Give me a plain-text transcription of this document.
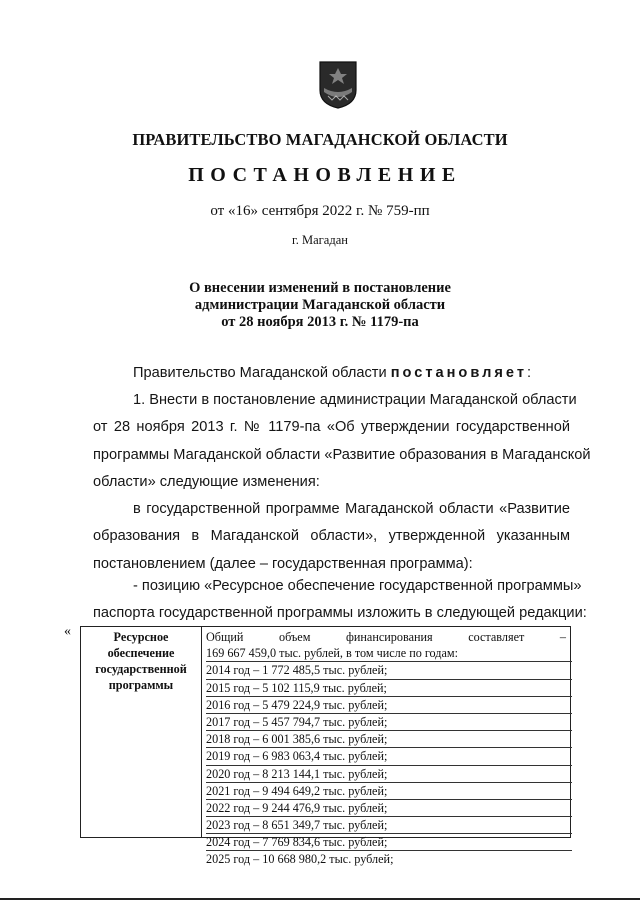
ПРАВИТЕЛЬСТВО МАГАДАНСКОЙ ОБЛАСТИ
ПОСТАНОВЛЕНИЕ
от «16» сентября 2022 г. № 759-пп
г. Магадан
О внесении изменений в постановление
администрации Магаданской области
от 28 ноября 2013 г. № 1179-па
Правительство Магаданской области постановляет:
1. Внести в постановление администрации Магаданской области
от 28 ноября 2013 г. № 1179-па «Об утверждении государственной
программы Магаданской области «Развитие образования в Магаданской
области» следующие изменения:
в государственной программе Магаданской области «Развитие
образования в Магаданской области», утвержденной указанным
постановлением (далее – государственная программа):
- позицию «Ресурсное обеспечение государственной программы»
паспорта государственной программы изложить в следующей редакции:
«	Ресурсное
обеспечение
государственной
программы
Общий	объем	финансирования	составляет	–
169 667 459,0 тыс. рублей, в том числе по годам:
2014 год – 1 772 485,5 тыс. рублей;
2015 год – 5 102 115,9 тыс. рублей;
2016 год – 5 479 224,9 тыс. рублей;
2017 год – 5 457 794,7 тыс. рублей;
2018 год – 6 001 385,6 тыс. рублей;
2019 год – 6 983 063,4 тыс. рублей;
2020 год – 8 213 144,1 тыс. рублей;
2021 год – 9 494 649,2 тыс. рублей;
2022 год – 9 244 476,9 тыс. рублей;
2023 год – 8 651 349,7 тыс. рублей;
2024 год – 7 769 834,6 тыс. рублей;
2025 год – 10 668 980,2 тыс. рублей;
